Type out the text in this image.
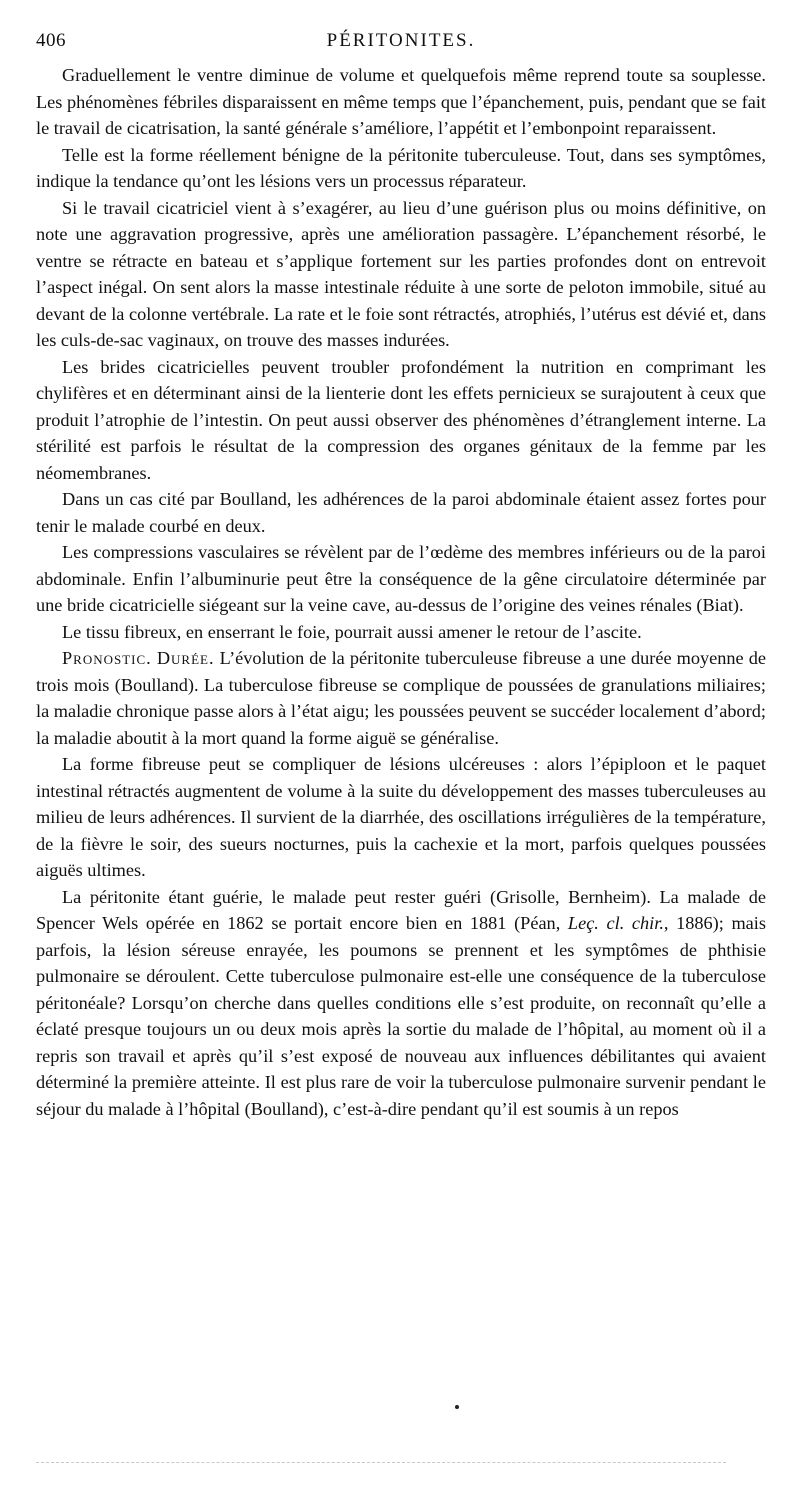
406	PÉRITONITES.

Graduellement le ventre diminue de volume et quelquefois même reprend toute sa souplesse. Les phénomènes fébriles disparaissent en même temps que l’épanchement, puis, pendant que se fait le travail de cicatrisation, la santé générale s’améliore, l’appétit et l’embonpoint reparaissent.

Telle est la forme réellement bénigne de la péritonite tuberculeuse. Tout, dans ses symptômes, indique la tendance qu’ont les lésions vers un processus réparateur.

Si le travail cicatriciel vient à s’exagérer, au lieu d’une guérison plus ou moins définitive, on note une aggravation progressive, après une amélioration passagère. L’épanchement résorbé, le ventre se rétracte en bateau et s’applique fortement sur les parties profondes dont on entrevoit l’aspect inégal. On sent alors la masse intestinale réduite à une sorte de peloton immobile, situé au devant de la colonne vertébrale. La rate et le foie sont rétractés, atrophiés, l’utérus est dévié et, dans les culs-de-sac vaginaux, on trouve des masses indurées.

Les brides cicatricielles peuvent troubler profondément la nutrition en comprimant les chylifères et en déterminant ainsi de la lienterie dont les effets pernicieux se surajoutent à ceux que produit l’atrophie de l’intestin. On peut aussi observer des phénomènes d’étranglement interne. La stérilité est parfois le résultat de la compression des organes génitaux de la femme par les néomembranes.

Dans un cas cité par Boulland, les adhérences de la paroi abdominale étaient assez fortes pour tenir le malade courbé en deux.

Les compressions vasculaires se révèlent par de l’œdème des membres inférieurs ou de la paroi abdominale. Enfin l’albuminurie peut être la conséquence de la gêne circulatoire déterminée par une bride cicatricielle siégeant sur la veine cave, au-dessus de l’origine des veines rénales (Biat).

Le tissu fibreux, en enserrant le foie, pourrait aussi amener le retour de l’ascite.

Pronostic. Durée. L’évolution de la péritonite tuberculeuse fibreuse a une durée moyenne de trois mois (Boulland). La tuberculose fibreuse se complique de poussées de granulations miliaires; la maladie chronique passe alors à l’état aigu; les poussées peuvent se succéder localement d’abord; la maladie aboutit à la mort quand la forme aiguë se généralise.

La forme fibreuse peut se compliquer de lésions ulcéreuses : alors l’épiploon et le paquet intestinal rétractés augmentent de volume à la suite du développement des masses tuberculeuses au milieu de leurs adhérences. Il survient de la diarrhée, des oscillations irrégulières de la température, de la fièvre le soir, des sueurs nocturnes, puis la cachexie et la mort, parfois quelques poussées aiguës ultimes.

La péritonite étant guérie, le malade peut rester guéri (Grisolle, Bernheim). La malade de Spencer Wels opérée en 1862 se portait encore bien en 1881 (Péan, Leç. cl. chir., 1886); mais parfois, la lésion séreuse enrayée, les poumons se prennent et les symptômes de phthisie pulmonaire se déroulent. Cette tuberculose pulmonaire est-elle une conséquence de la tuberculose péritonéale? Lorsqu’on cherche dans quelles conditions elle s’est produite, on reconnaît qu’elle a éclaté presque toujours un ou deux mois après la sortie du malade de l’hôpital, au moment où il a repris son travail et après qu’il s’est exposé de nouveau aux influences débilitantes qui avaient déterminé la première atteinte. Il est plus rare de voir la tuberculose pulmonaire survenir pendant le séjour du malade à l’hôpital (Boulland), c’est-à-dire pendant qu’il est soumis à un repos
